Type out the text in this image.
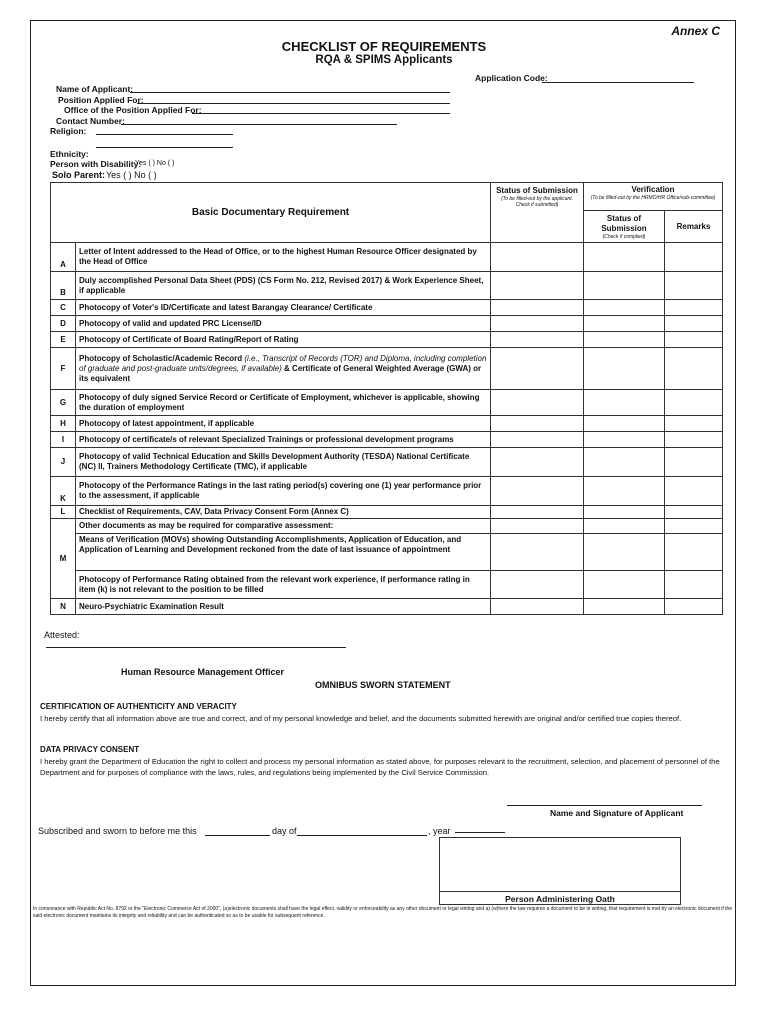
Annex C
CHECKLIST OF REQUIREMENTS
RQA & SPIMS Applicants
Application Code:
Name of Applicant:
Position Applied For:
Office of the Position Applied For:
Contact Number:
Religion:
Ethnicity:
Person with Disability:
Yes ( ) No ( )
Solo Parent: Yes ( ) No ( )
Basic Documentary Requirement		Status of Submission
(To be filled-out by the applicant. Check if submitted)	Verification
(To be filled-out by the HRMO/HR Office/sub-committee)	

			Status of Submission
(Check if complied)	Remarks
A	Letter of Intent addressed to the Head of Office, or to the highest Human Resource Officer designated by the Head of Office			
B	Duly accomplished Personal Data Sheet (PDS) (CS Form No. 212, Revised 2017) & Work Experience Sheet, if applicable			
C	Photocopy of Voter's ID/Certificate and latest Barangay Clearance/ Certificate			
D	Photocopy of valid and updated PRC License/ID			
E	Photocopy of Certificate of Board Rating/Report of Rating			
F	Photocopy of Scholastic/Academic Record (i.e., Transcript of Records (TOR) and Diploma, including completion of graduate and post-graduate units/degrees, if available) & Certificate of General Weighted Average (GWA) or its equivalent			
G	Photocopy of duly signed Service Record or Certificate of Employment, whichever is applicable, showing the duration of employment			
H	Photocopy of latest appointment, if applicable			
I	Photocopy of certificate/s of relevant Specialized Trainings or professional development programs			
J	Photocopy of valid Technical Education and Skills Development Authority (TESDA) National Certificate (NC) II, Trainers Methodology Certificate (TMC), if applicable			
K	Photocopy of the Performance Ratings in the last rating period(s) covering one (1) year performance prior to the assessment, if applicable			
L	Checklist of Requirements, CAV, Data Privacy Consent Form (Annex C)			
M	Other documents as may be required for comparative assessment:			
	Means of Verification (MOVs) showing Outstanding Accomplishments, Application of Education, and Application of Learning and Development reckoned from the date of last issuance of appointment			
	Photocopy of Performance Rating obtained from the relevant work experience, if performance rating in item (k) is not relevant to the position to be filled			
N	Neuro-Psychiatric Examination Result			
Attested:
Human Resource Management Officer
OMNIBUS SWORN STATEMENT
CERTIFICATION OF AUTHENTICITY AND VERACITY
I hereby certify that all information above are true and correct, and of my personal knowledge and belief, and the documents submitted herewith are original and/or certified true copies thereof.
DATA PRIVACY CONSENT
I hereby grant the Department of Education the right to collect and process my personal information as stated above, for purposes relevant to the recruitment, selection, and placement of personnel of the Department and for purposes of compliance with the laws, rules, and regulations being implemented by the Civil Service Commission.
Name and Signature of Applicant
Subscribed and sworn to before me this	day of	, year
Person Administering Oath
In consonance with Republic Act No. 8792 or the "Electronic Commerce Act of 2000", (a)electronic documents shall have the legal effect, validity or enforceability as any other document or legal writing and a) (w)here the law requires a document to be in writing, that requirement is met by an electronic document if the said electronic document maintains its integrity and reliability and can be authenticated so as to be usable for subsequent reference.
